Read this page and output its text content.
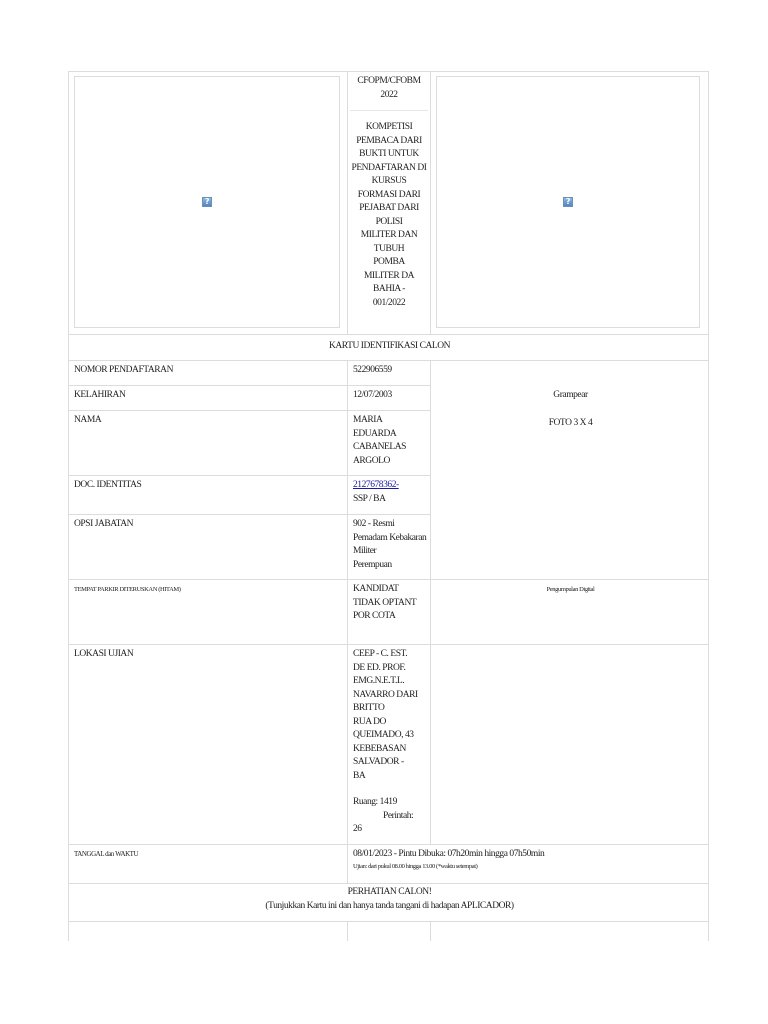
?
CFOPM/CFOBM
2022
KOMPETISI
PEMBACA DARI
BUKTI UNTUK
PENDAFTARAN DI
KURSUS
FORMASI DARI
PEJABAT DARI
POLISI
MILITER DAN
TUBUH
POMBA
MILITER DA
BAHIA -
001/2022
?
KARTU IDENTIFIKASI CALON
NOMOR PENDAFTARAN	522906559
KELAHIRAN	12/07/2003
NAMA	MARIA
EDUARDA
CABANELAS
ARGOLO
DOC. IDENTITAS	2127678362-
SSP / BA
OPSI JABATAN	902 - Resmi
Pemadam Kebakaran
Militer
Perempuan
Grampear
FOTO 3 X 4
TEMPAT PARKIR DITERUSKAN (HITAM)	KANDIDAT
TIDAK OPTANT
POR COTA
Pengumpulan Digital
LOKASI UJIAN	CEEP - C. EST.
DE ED. PROF.
EMG.N.E.T.L.
NAVARRO DARI
BRITTO
RUA DO
QUEIMADO, 43
KEBEBASAN
SALVADOR -
BA
Ruang: 1419
Perintah:
26
TANGGAL dan WAKTU	08/01/2023 - Pintu Dibuka: 07h20min hingga 07h50min
Ujian: dari pukul 08.00 hingga 13.00 (*waktu setempat)
PERHATIAN CALON!
(Tunjukkan Kartu ini dan hanya tanda tangani di hadapan APLICADOR)
